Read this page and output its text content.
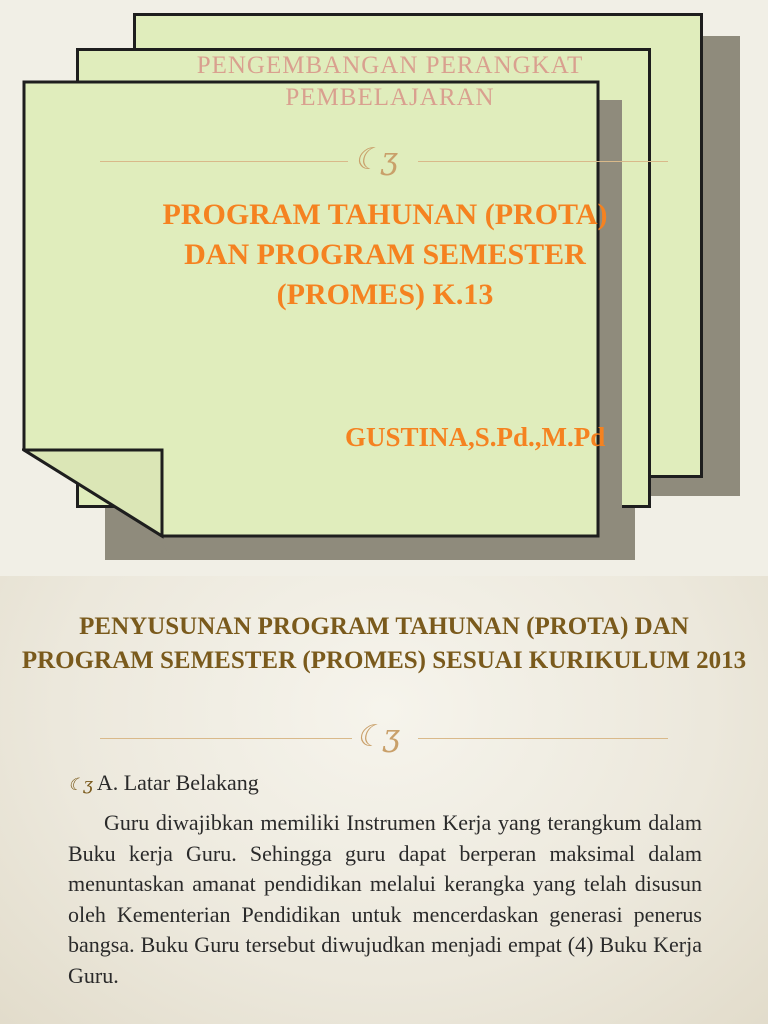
PENGEMBANGAN PERANGKAT PEMBELAJARAN
☾ʒ
PROGRAM TAHUNAN (PROTA)
DAN PROGRAM SEMESTER
(PROMES) K.13
GUSTINA,S.Pd.,M.Pd
PENYUSUNAN PROGRAM TAHUNAN (PROTA) DAN PROGRAM SEMESTER (PROMES) SESUAI KURIKULUM 2013
☾ʒ
☾ʒ A. Latar Belakang
Guru diwajibkan memiliki Instrumen Kerja yang terangkum dalam Buku kerja Guru. Sehingga guru dapat berperan maksimal dalam menuntaskan amanat pendidikan melalui kerangka yang telah disusun oleh Kementerian Pendidikan untuk mencerdaskan generasi penerus bangsa. Buku Guru tersebut diwujudkan menjadi empat (4) Buku Kerja Guru.
